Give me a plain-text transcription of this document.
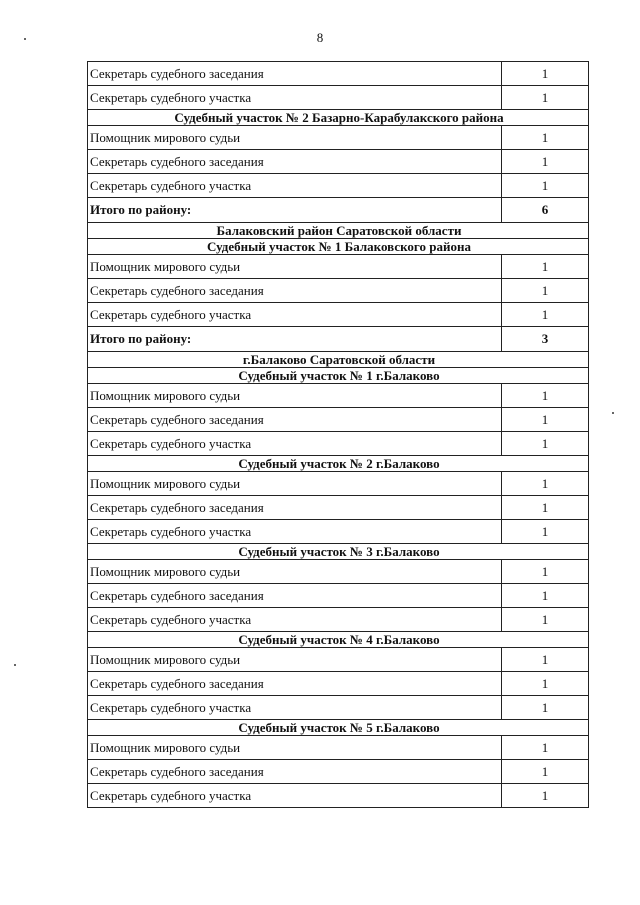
8
Секретарь судебного заседания	1
Секретарь судебного участка	1
Судебный участок № 2 Базарно-Карабулакского района	
Помощник мирового судьи	1
Секретарь судебного заседания	1
Секретарь судебного участка	1
Итого по району:	6
Балаковский район Саратовской области	
Судебный участок № 1 Балаковского района	
Помощник мирового судьи	1
Секретарь судебного заседания	1
Секретарь судебного участка	1
Итого по району:	3
г.Балаково Саратовской области	
Судебный участок № 1 г.Балаково	
Помощник мирового судьи	1
Секретарь судебного заседания	1
Секретарь судебного участка	1
Судебный участок № 2 г.Балаково	
Помощник мирового судьи	1
Секретарь судебного заседания	1
Секретарь судебного участка	1
Судебный участок № 3 г.Балаково	
Помощник мирового судьи	1
Секретарь судебного заседания	1
Секретарь судебного участка	1
Судебный участок № 4 г.Балаково	
Помощник мирового судьи	1
Секретарь судебного заседания	1
Секретарь судебного участка	1
Судебный участок № 5 г.Балаково	
Помощник мирового судьи	1
Секретарь судебного заседания	1
Секретарь судебного участка	1
